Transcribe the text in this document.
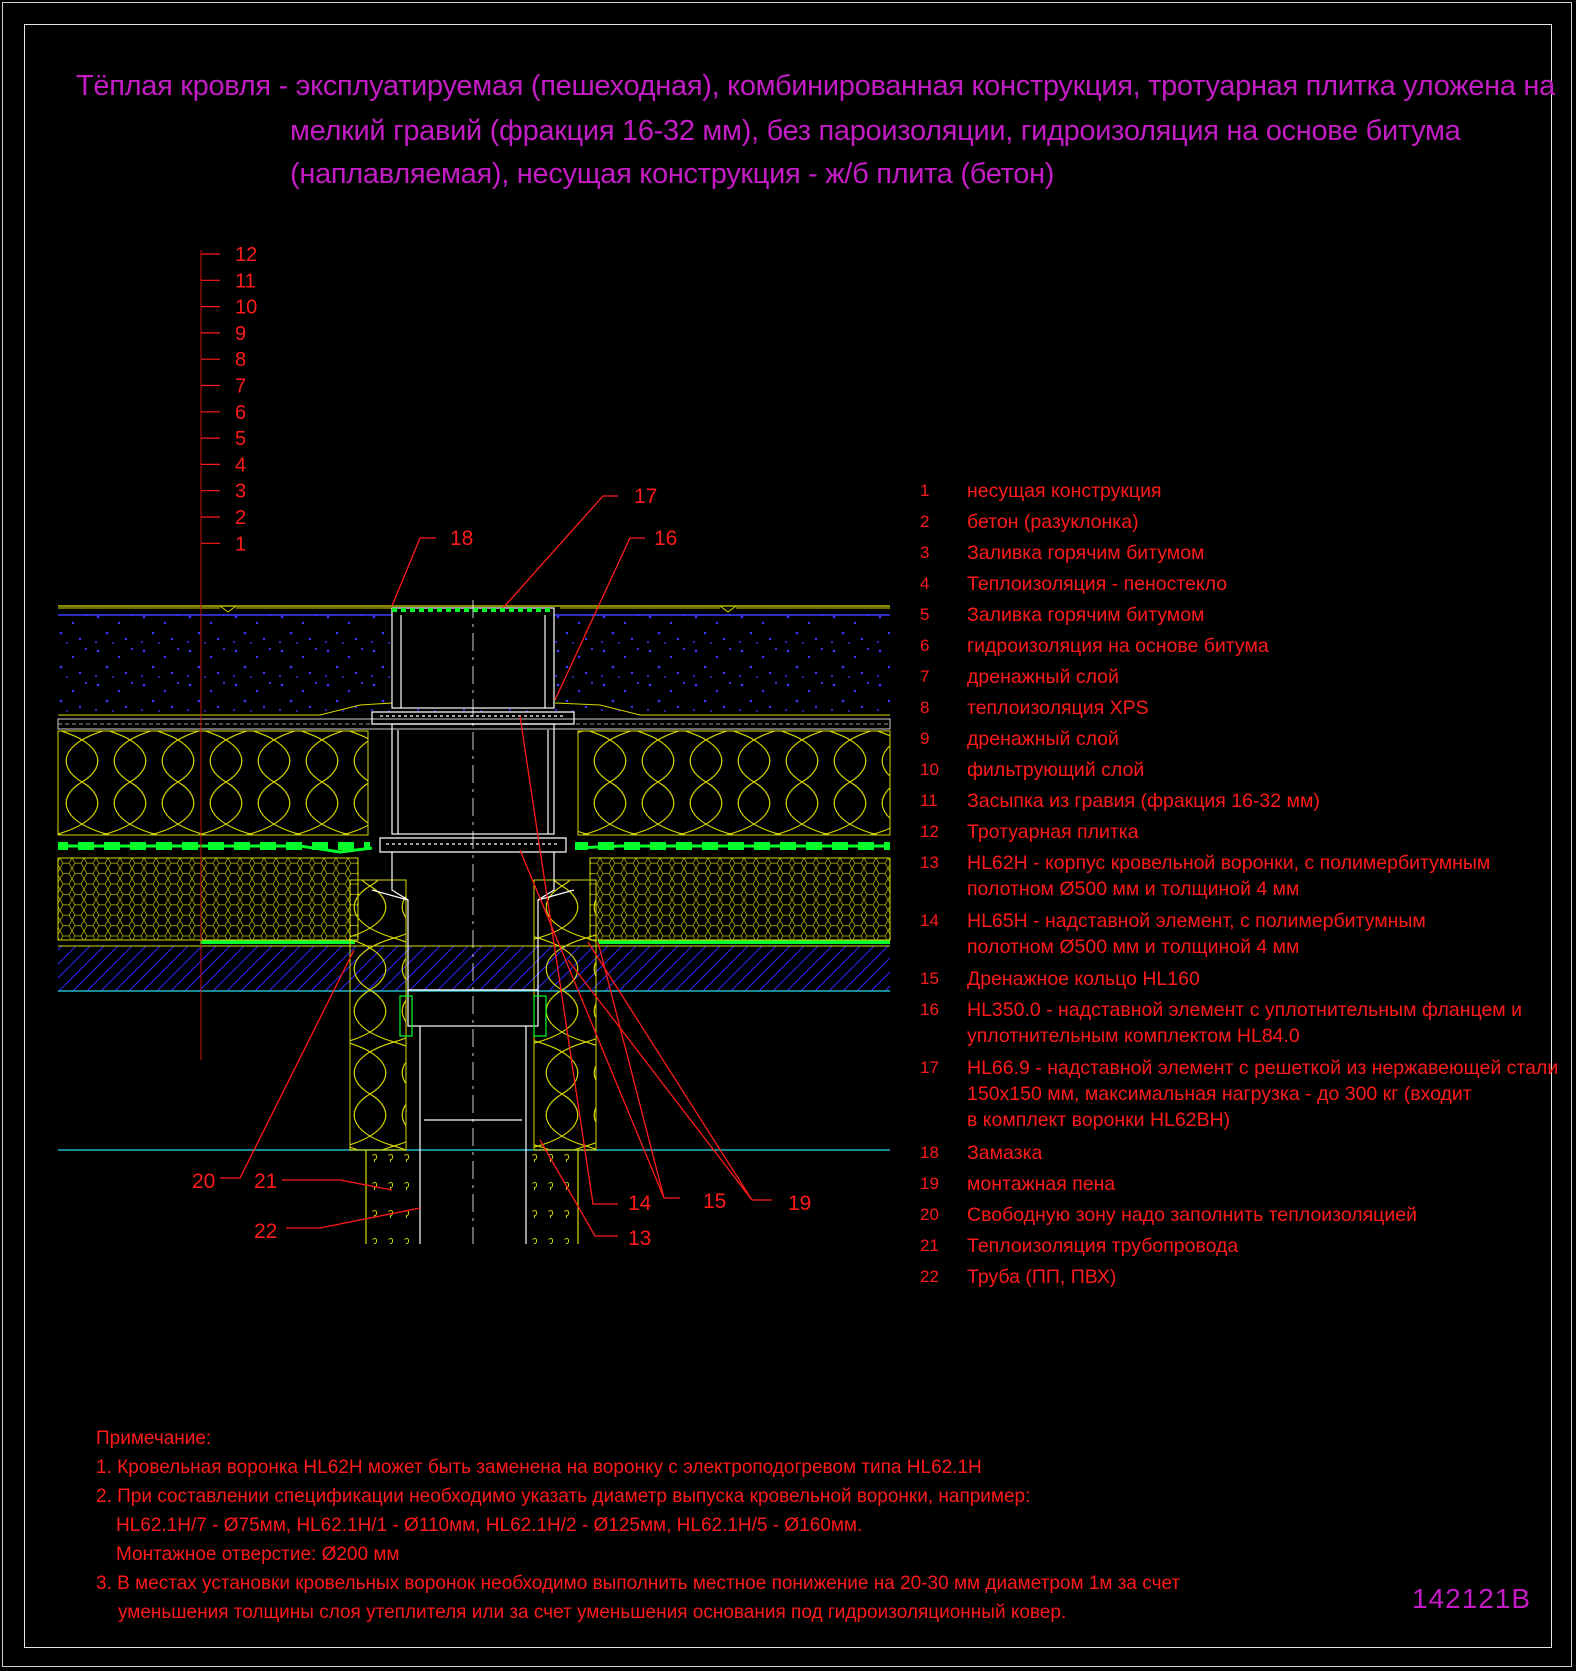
Тёплая кровля - эксплуатируемая (пешеходная), комбинированная конструкция, тротуарная плитка уложена на
мелкий гравий (фракция 16-32 мм), без пароизоляции, гидроизоляция на основе битума
(наплавляемая), несущая конструкция - ж/б плита (бетон)
12
11
10
9
8
7
6
5
4
3
2
1
17
18	16
14 15	19
13
20 21
22
1	несущая конструкция
2	бетон (разуклонка)
3	Заливка горячим битумом
4	Теплоизоляция - пеностекло
5	Заливка горячим битумом
6	гидроизоляция на основе битума
7	дренажный слой
8	теплоизоляция XPS
9	дренажный слой
10	фильтрующий слой
11	Засыпка из гравия (фракция 16-32 мм)
12	Тротуарная плитка
13	HL62H - корпус кровельной воронки, с полимербитумным
полотном Ø500 мм и толщиной 4 мм
14	HL65H - надставной элемент, с полимербитумным
полотном Ø500 мм и толщиной 4 мм
15	Дренажное кольцо HL160
16	HL350.0 - надставной элемент с уплотнительным фланцем и
уплотнительным комплектом HL84.0
17	HL66.9 - надставной элемент с решеткой из нержавеющей стали
150x150 мм, максимальная нагрузка - до 300 кг (входит
в комплект воронки HL62BH)
18	Замазка
19	монтажная пена
20	Свободную зону надо заполнить теплоизоляцией
21	Теплоизоляция трубопровода
22	Труба (ПП, ПВХ)
Примечание:
1. Кровельная воронка HL62H может быть заменена на воронку с электроподогревом типа HL62.1H
2. При составлении спецификации необходимо указать диаметр выпуска кровельной воронки, например:
HL62.1H/7 - Ø75мм, HL62.1H/1 - Ø110мм, HL62.1H/2 - Ø125мм, HL62.1H/5 - Ø160мм.
Монтажное отверстие: Ø200 мм
3. В местах установки кровельных воронок необходимо выполнить местное понижение на 20-30 мм диаметром 1м за счет
уменьшения толщины слоя утеплителя или за счет уменьшения основания под гидроизоляционный ковер.	142121B
